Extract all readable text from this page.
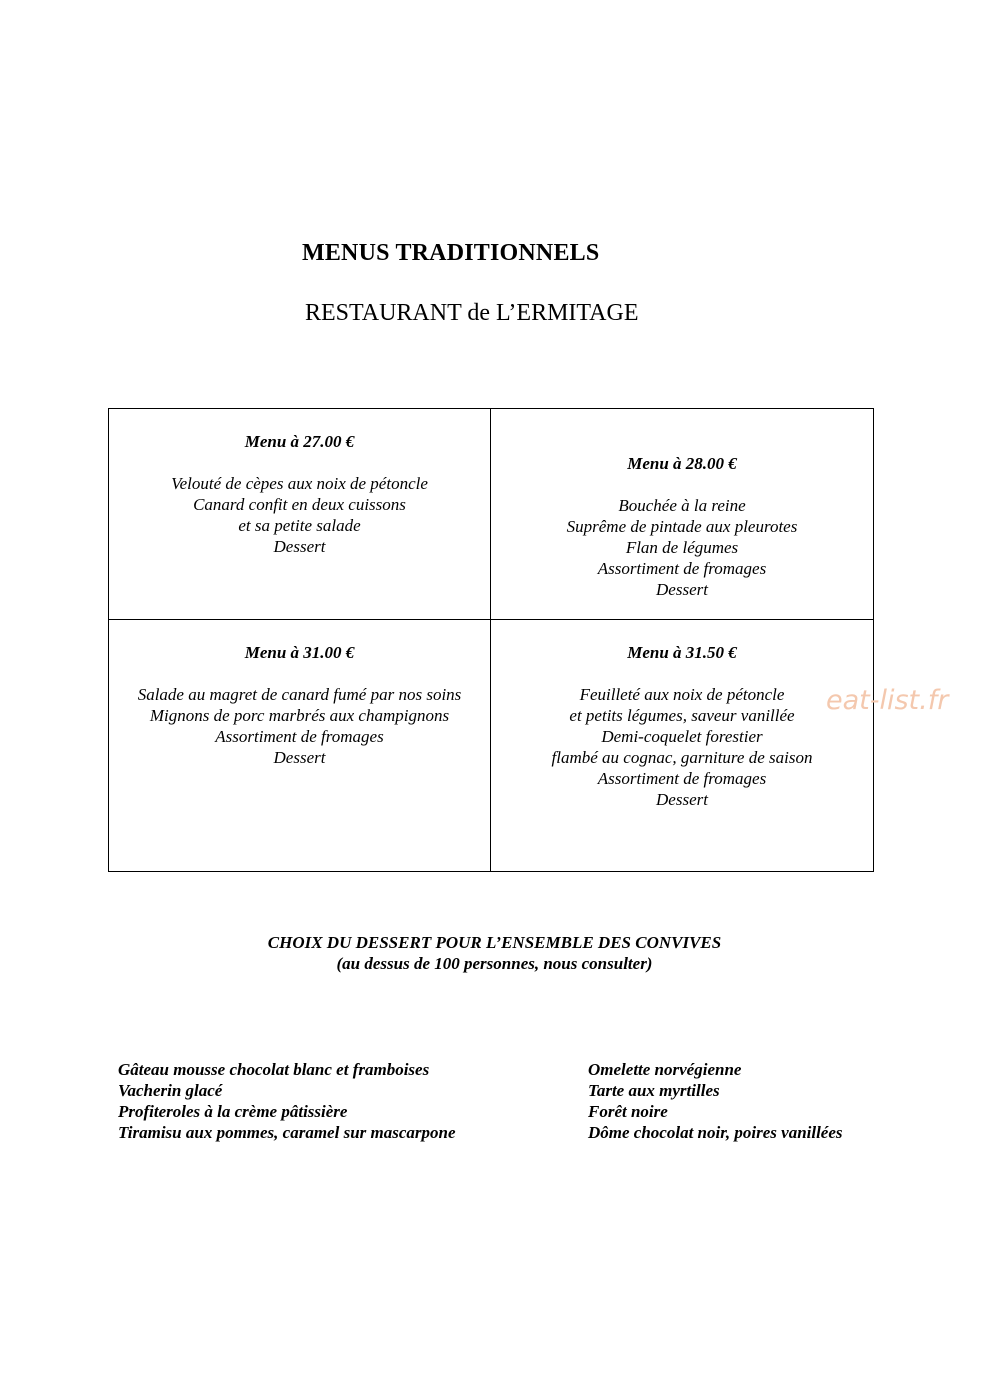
MENUS TRADITIONNELS
RESTAURANT de L’ERMITAGE
Menu à 27.00 €
Velouté de cèpes aux noix de pétoncle
Canard confit en deux cuissons
et sa petite salade
Dessert
Menu à 28.00 €
Bouchée à la reine
Suprême de pintade aux pleurotes
Flan de légumes
Assortiment de fromages
Dessert
Menu à 31.00 €
Salade au magret de canard fumé par nos soins
Mignons de porc marbrés aux champignons
Assortiment de fromages
Dessert
Menu à 31.50 €
Feuilleté aux noix de pétoncle
et petits légumes, saveur vanillée
Demi-coquelet forestier
flambé au cognac, garniture de saison
Assortiment de fromages
Dessert
eat-list.fr
CHOIX DU DESSERT POUR L’ENSEMBLE DES CONVIVES
(au dessus de 100 personnes, nous consulter)
Gâteau mousse chocolat blanc et framboises
Vacherin glacé
Profiteroles à la crème pâtissière
Tiramisu aux pommes, caramel sur mascarpone
Omelette norvégienne
Tarte aux myrtilles
Forêt noire
Dôme chocolat noir, poires vanillées
